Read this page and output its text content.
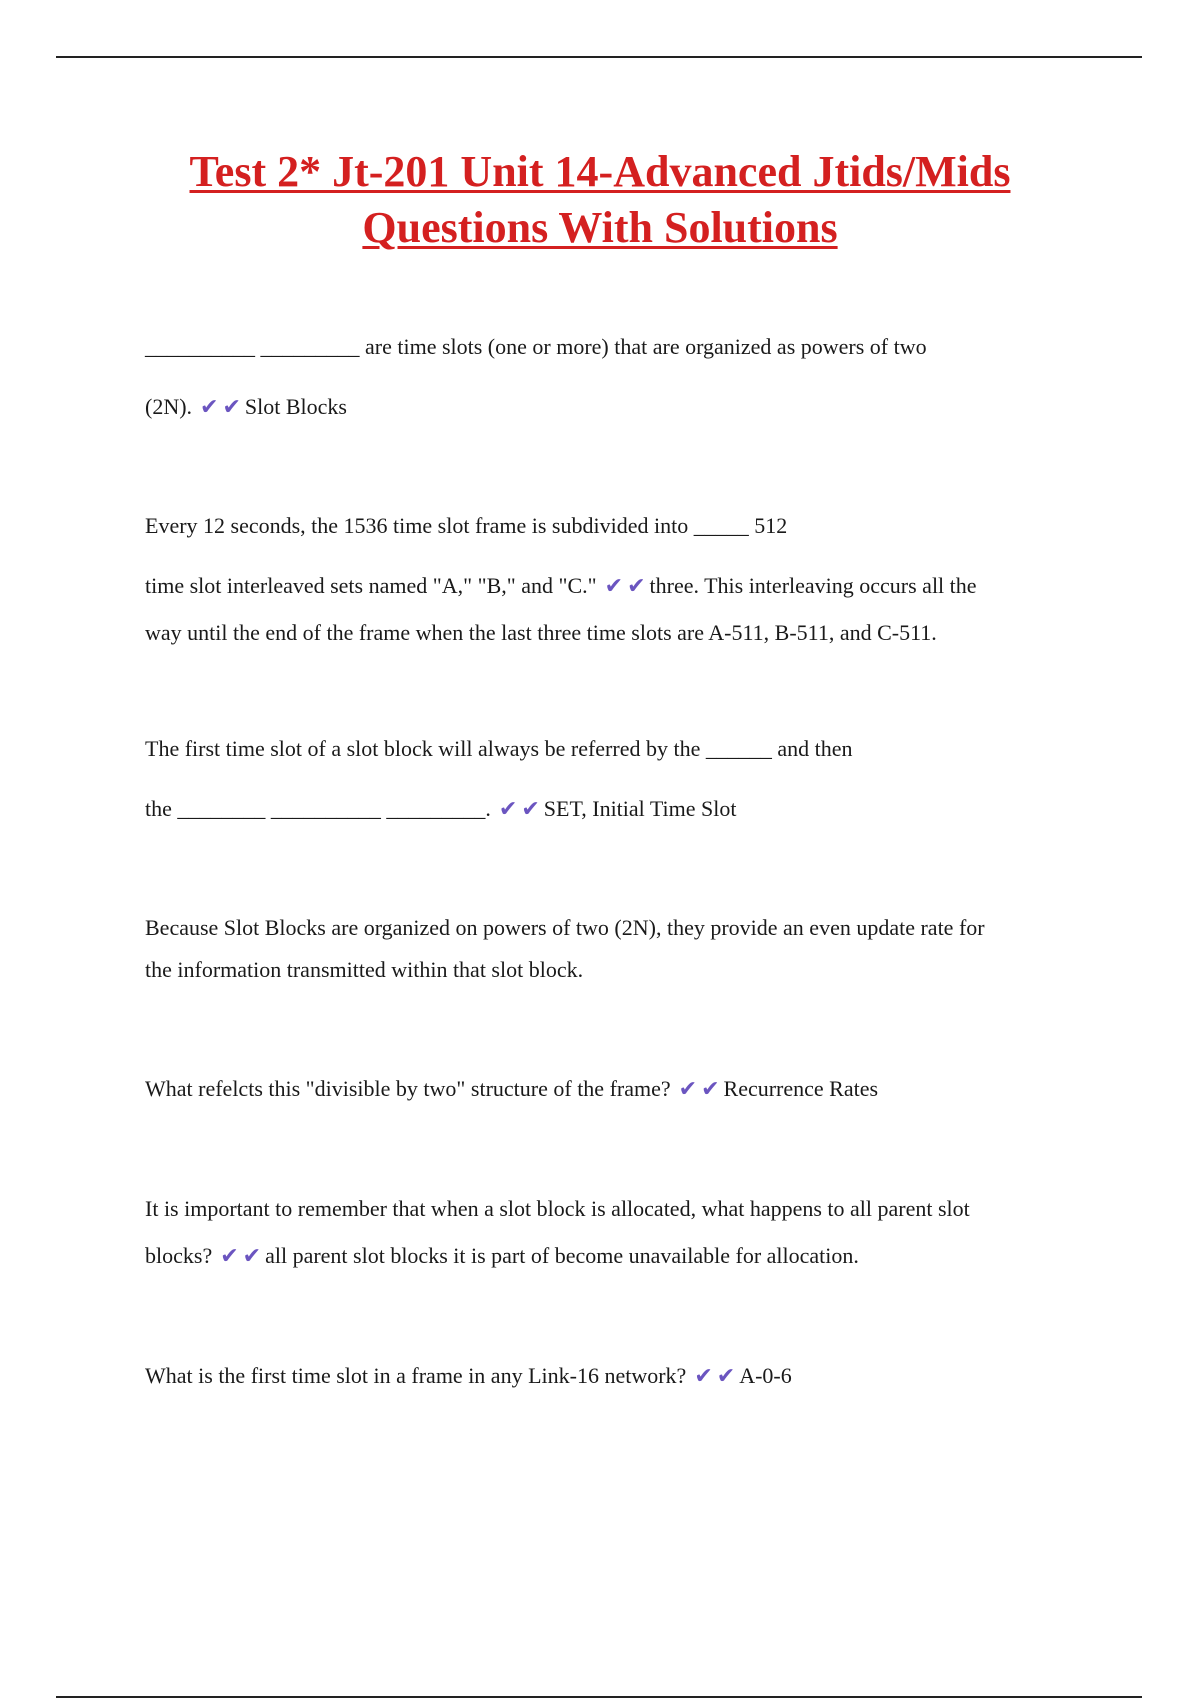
Test 2* Jt-201 Unit 14-Advanced Jtids/Mids
Questions With Solutions
__________ _________ are time slots (one or more) that are organized as powers of two
(2N). ✔ ✔ Slot Blocks
Every 12 seconds, the 1536 time slot frame is subdivided into _____ 512
time slot interleaved sets named "A," "B," and "C." ✔ ✔ three. This interleaving occurs all the
way until the end of the frame when the last three time slots are A-511, B-511, and C-511.
The first time slot of a slot block will always be referred by the ______ and then
the ________ __________ _________. ✔ ✔ SET, Initial Time Slot
Because Slot Blocks are organized on powers of two (2N), they provide an even update rate for
the information transmitted within that slot block.
What refelcts this "divisible by two" structure of the frame? ✔ ✔ Recurrence Rates
It is important to remember that when a slot block is allocated, what happens to all parent slot
blocks? ✔ ✔ all parent slot blocks it is part of become unavailable for allocation.
What is the first time slot in a frame in any Link-16 network? ✔ ✔ A-0-6
